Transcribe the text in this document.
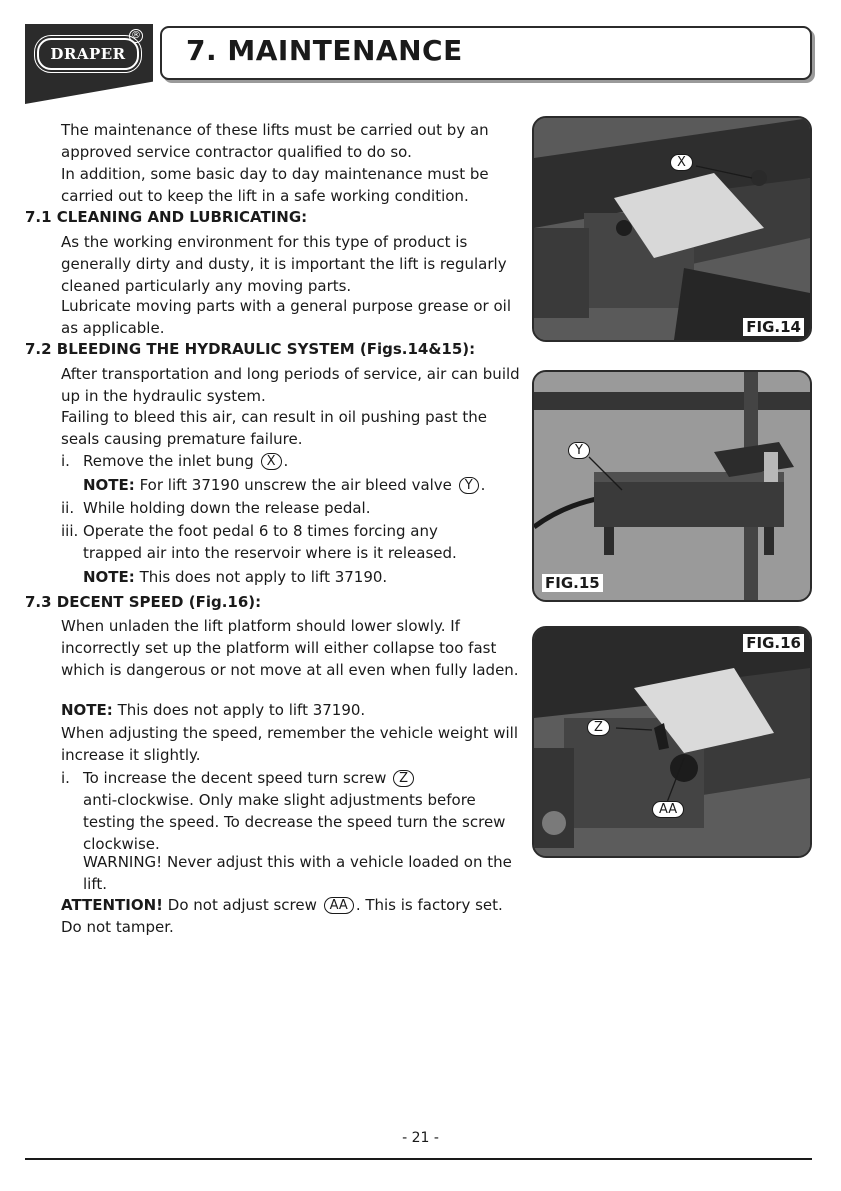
DRAPER
® 7. MAINTENANCE

The maintenance of these lifts must be carried out by an approved service contractor qualified to do so.

In addition, some basic day to day maintenance must be carried out to keep the lift in a safe working condition.

7.1 CLEANING AND LUBRICATING:

As the working environment for this type of product is generally dirty and dusty, it is important the lift is regularly cleaned particularly any moving parts.

Lubricate moving parts with a general purpose grease or oil as applicable.

7.2 BLEEDING THE HYDRAULIC SYSTEM (Figs.14&15):

After transportation and long periods of service, air can build up in the hydraulic system.

Failing to bleed this air, can result in oil pushing past the seals causing premature failure.

i. Remove the inlet bung X .
NOTE: For lift 37190 unscrew the air bleed valve Y .
ii. While holding down the release pedal.
iii. Operate the foot pedal 6 to 8 times forcing any
trapped air into the reservoir where is it released.
NOTE: This does not apply to lift 37190.
7.3 DECENT SPEED (Fig.16):

When unladen the lift platform should lower slowly. If incorrectly set up the platform will either collapse too fast which is dangerous or not move at all even when fully laden.

NOTE: This does not apply to lift 37190.

When adjusting the speed, remember the vehicle weight will increase it slightly.

i. To increase the decent speed turn screw Z

anti-clockwise. Only make slight adjustments before testing the speed. To decrease the speed turn the screw clockwise.

WARNING! Never adjust this with a vehicle loaded on the lift.

ATTENTION! Do not adjust screw AA . This is factory set. Do not tamper.
X
FIG.14
Y
FIG.15
FIG.16
Z
AA
- 21 -
